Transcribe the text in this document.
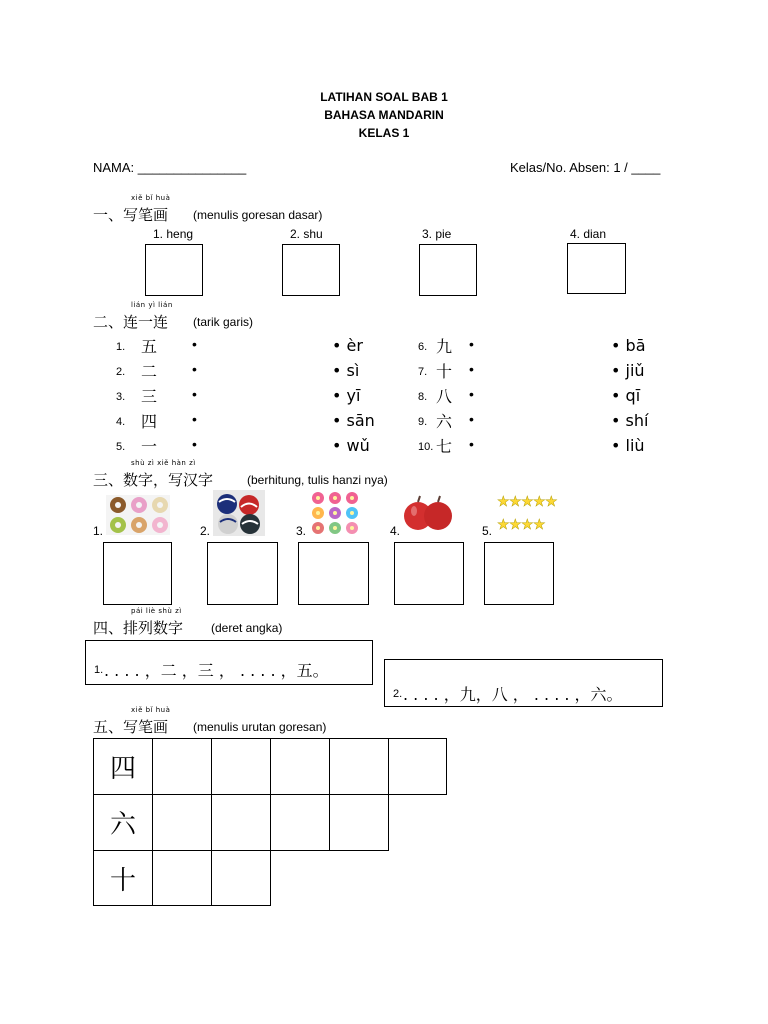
LATIHAN SOAL BAB 1
BAHASA MANDARIN
KELAS 1
NAMA: _______________	Kelas/No. Absen: 1 / ____
xiě bǐ huà
一、写笔画 (menulis goresan dasar)
1. heng	2. shu	3. pie	4. dian
lián yì lián
二、连一连 (tarik garis)
1. 五 •	• èr	6. 九 •	• bā
2. 二 •	• sì	7. 十 •	• jiǔ
3. 三 •	• yī	8. 八 •	• qī
4. 四 •	• sān	9. 六 •	• shí
5. 一 •	• wǔ	10. 七 •	• liù
shù zì xiě hàn zì
三、数字，写汉字	(berhitung, tulis hanzi nya)
1.	2.	3.	4.	5.
★ ★ ★ ★ ★
★ ★ ★ ★
pái liè shù zì
四、排列数字 (deret angka)
1. . . . . ，二 ，三 ， . . . . ，五。
2. . . . . ，九，八 ， . . . . ，六。
xiě bǐ huà
五、写笔画 (menulis urutan goresan)
四
六
十
